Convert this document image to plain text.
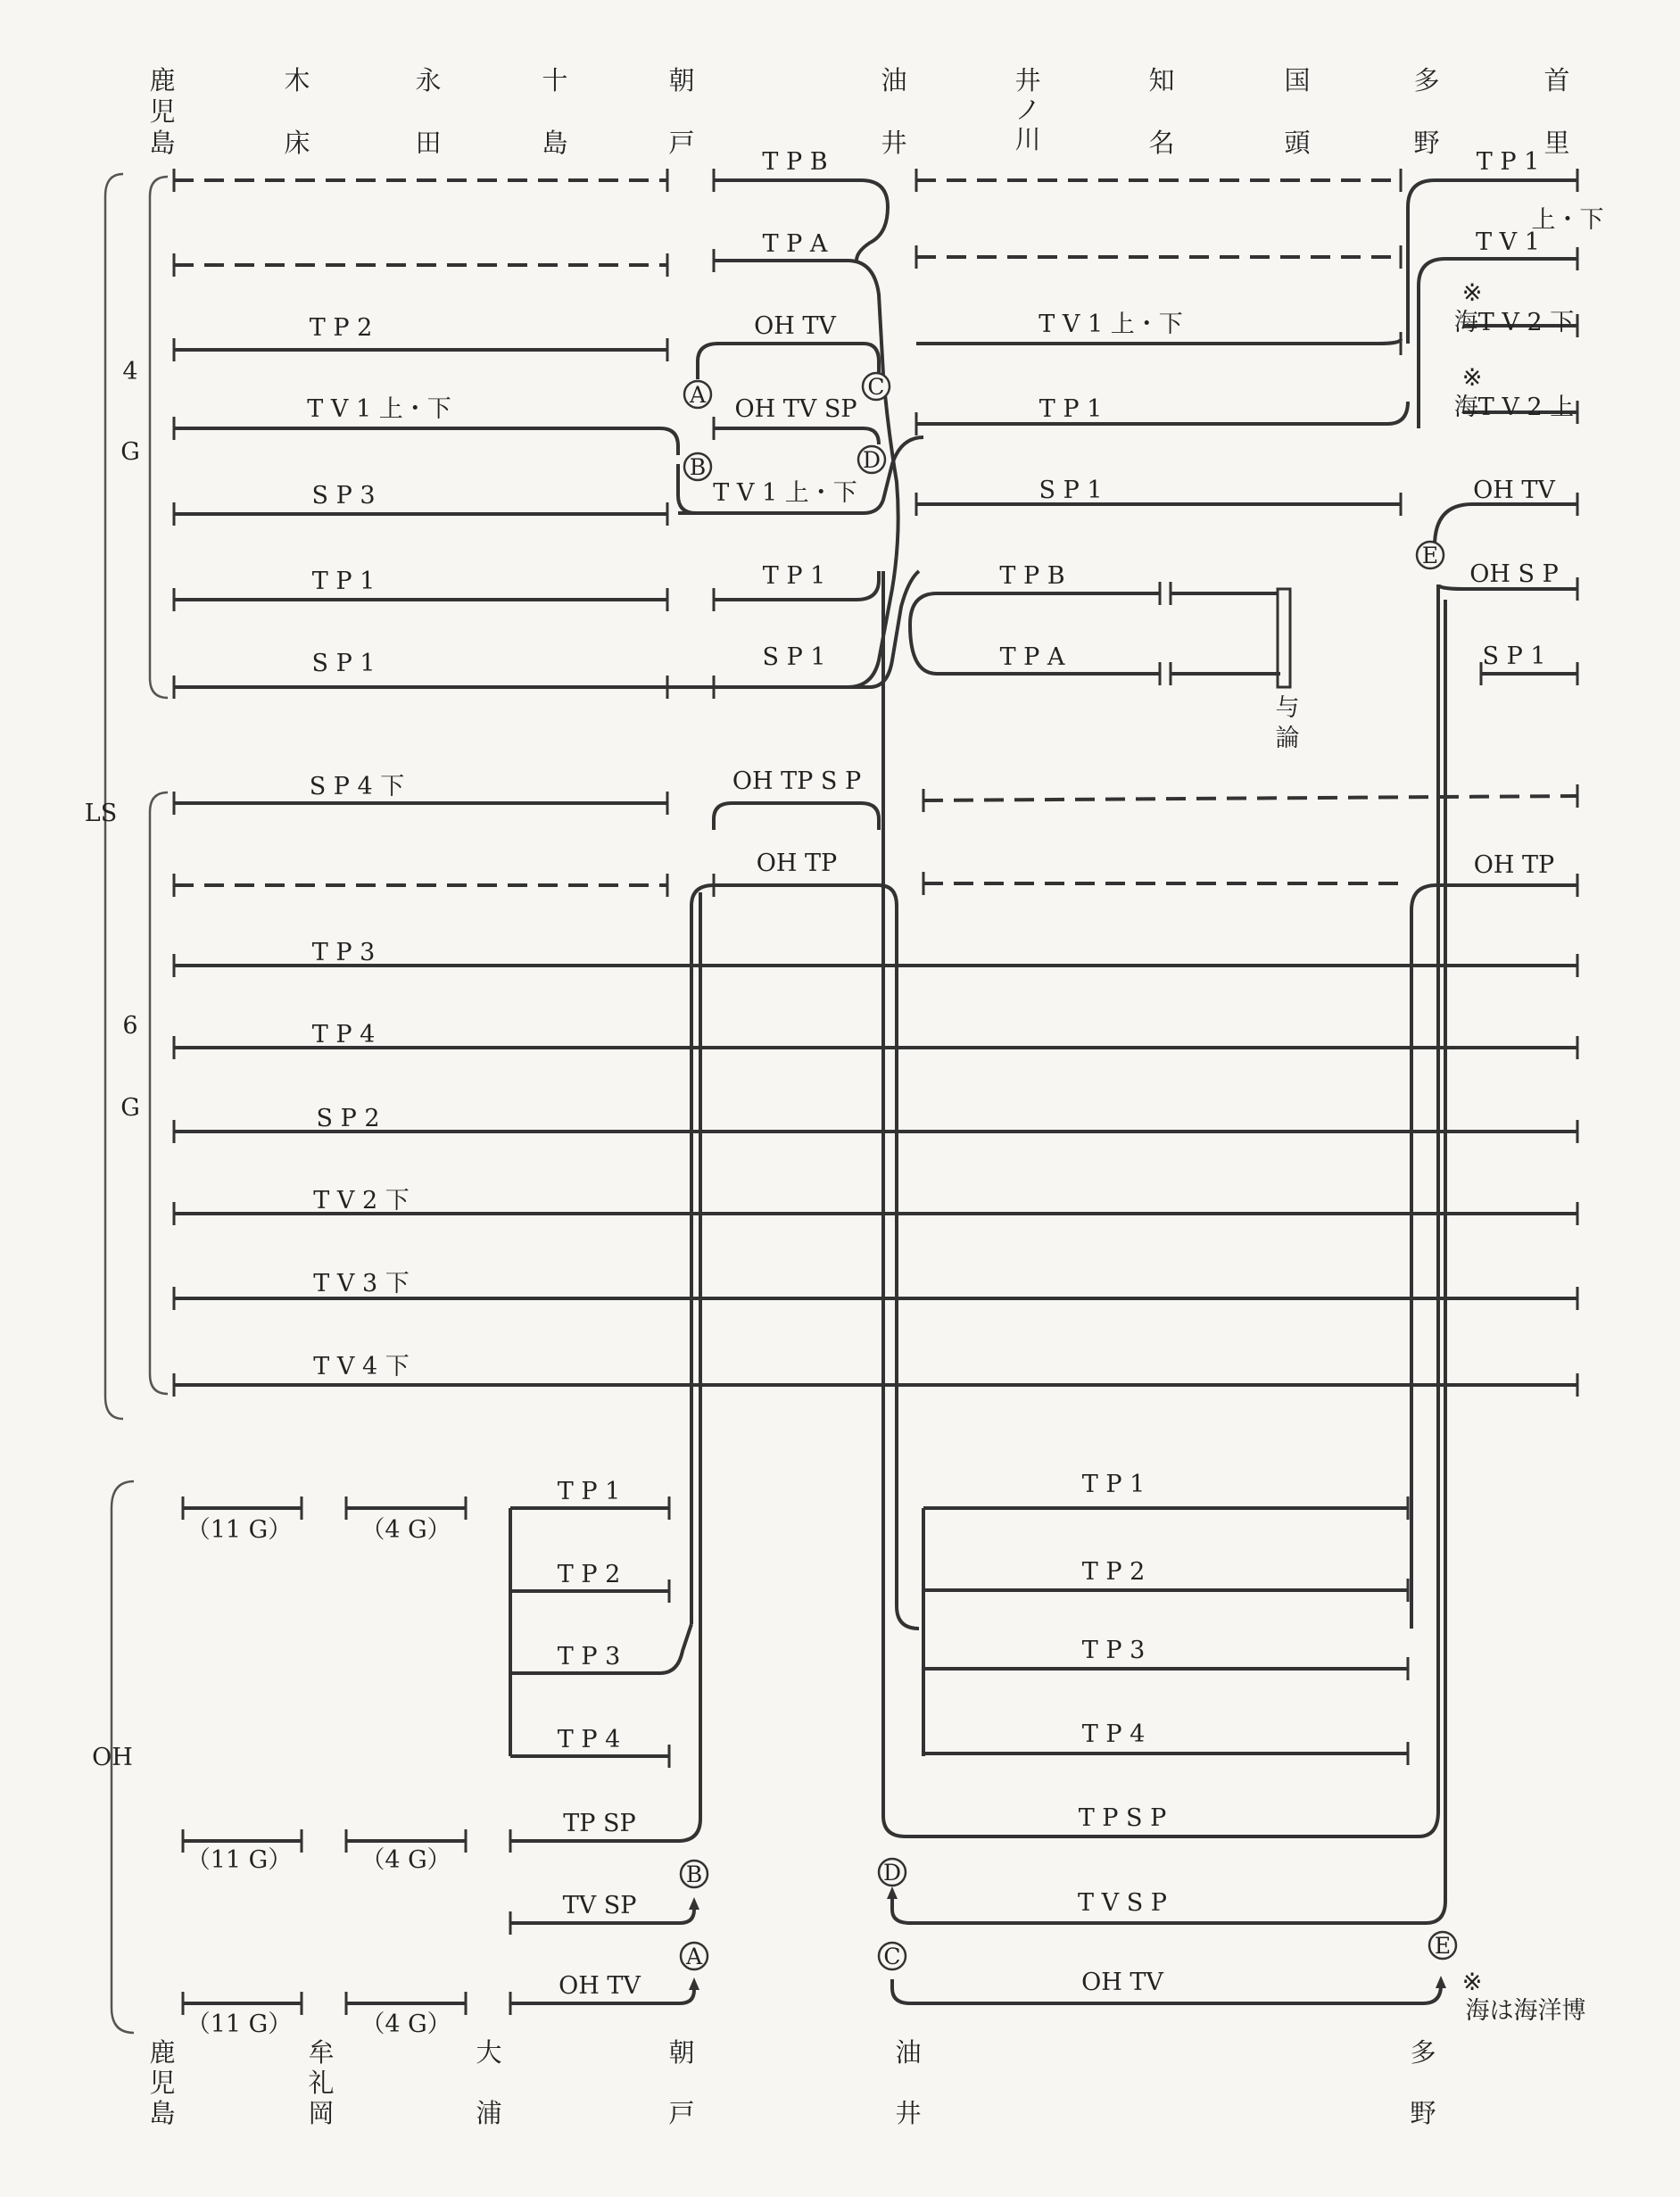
鹿
児
島
木
床
永
田
十
島
朝
戸
油
井
井
ノ
川
知
名
国
頭
多
野
首
里
LS
4
G
6
G
OH
A
B
C
D
E
B
A
D
C	E
T P B
T P A
T P 2	OH TV	T V 1 上・下
T V 1 上・下	OH TV SP	T P 1
S P 3	T V 1 上・下	S P 1
T P 1	T P 1	T P B
S P 1	S P 1	T P A
与
論
T P 1
上・下
T V 1
※
海T V 2 下
※
海T V 2 上
OH TV
OH S P
S P 1
S P 4 下	OH TP S P
OH TP	OH TP
T P 3
T P 4
S P 2
T V 2 下
T V 3 下
T V 4 下
（11 G）	（4 G）
（11 G）	（4 G）
（11 G）	（4 G）
T P 1
T P 2
T P 3
T P 4
TP SP
TV SP
OH TV
T P 1
T P 2
T P 3
T P 4
T P S P
T V S P
OH TV	※
海は海洋博
鹿
児
島
牟
礼
岡
大
浦
朝
戸
油
井
多
野
